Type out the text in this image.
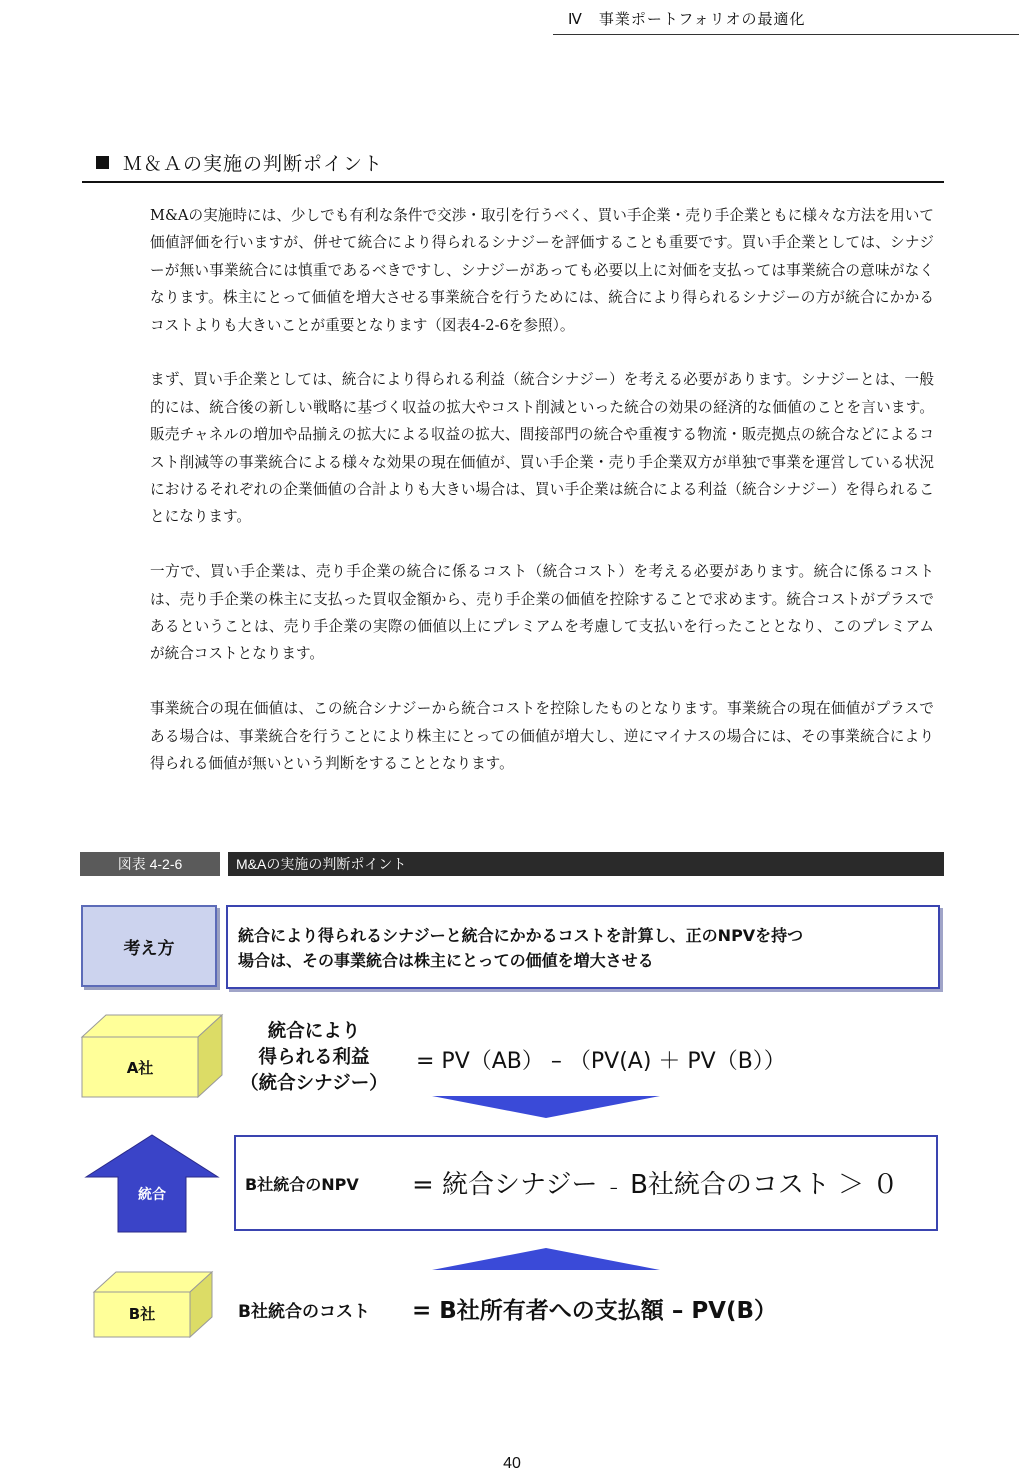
Ⅳ　事業ポートフォリオの最適化
Ｍ＆Ａの実施の判断ポイント

M&Aの実施時には、少しでも有利な条件で交渉・取引を行うべく、買い手企業・売り手企業ともに様々な方法を用いて価値評価を行いますが、併せて統合により得られるシナジーを評価することも重要です。買い手企業としては、シナジーが無い事業統合には慎重であるべきですし、シナジーがあっても必要以上に対価を支払っては事業統合の意味がなくなります。株主にとって価値を増大させる事業統合を行うためには、統合により得られるシナジーの方が統合にかかるコストよりも大きいことが重要となります（図表4-2-6を参照）。

まず、買い手企業としては、統合により得られる利益（統合シナジー）を考える必要があります。シナジーとは、一般的には、統合後の新しい戦略に基づく収益の拡大やコスト削減といった統合の効果の経済的な価値のことを言います。販売チャネルの増加や品揃えの拡大による収益の拡大、間接部門の統合や重複する物流・販売拠点の統合などによるコスト削減等の事業統合による様々な効果の現在価値が、買い手企業・売り手企業双方が単独で事業を運営している状況におけるそれぞれの企業価値の合計よりも大きい場合は、買い手企業は統合による利益（統合シナジー）を得られることになります。

一方で、買い手企業は、売り手企業の統合に係るコスト（統合コスト）を考える必要があります。統合に係るコストは、売り手企業の株主に支払った買収金額から、売り手企業の価値を控除することで求めます。統合コストがプラスであるということは、売り手企業の実際の価値以上にプレミアムを考慮して支払いを行ったこととなり、このプレミアムが統合コストとなります。

事業統合の現在価値は、この統合シナジーから統合コストを控除したものとなります。事業統合の現在価値がプラスである場合は、事業統合を行うことにより株主にとっての価値が増大し、逆にマイナスの場合には、その事業統合により得られる価値が無いという判断をすることとなります。

図表 4-2-6	M&Aの実施の判断ポイント
考え方
統合により得られるシナジーと統合にかかるコストを計算し、正のNPVを持つ
場合は、その事業統合は株主にとっての価値を増大させる
A社
B社
統合
統合により
得られる利益
（統合シナジー）
= PV（AB） – （PV(A) ＋ PV（B））
B社統合のNPV = 統合シナジー – B社統合のコスト ＞ ０
B社統合のコスト = B社所有者への支払額 – PV(B）
40
